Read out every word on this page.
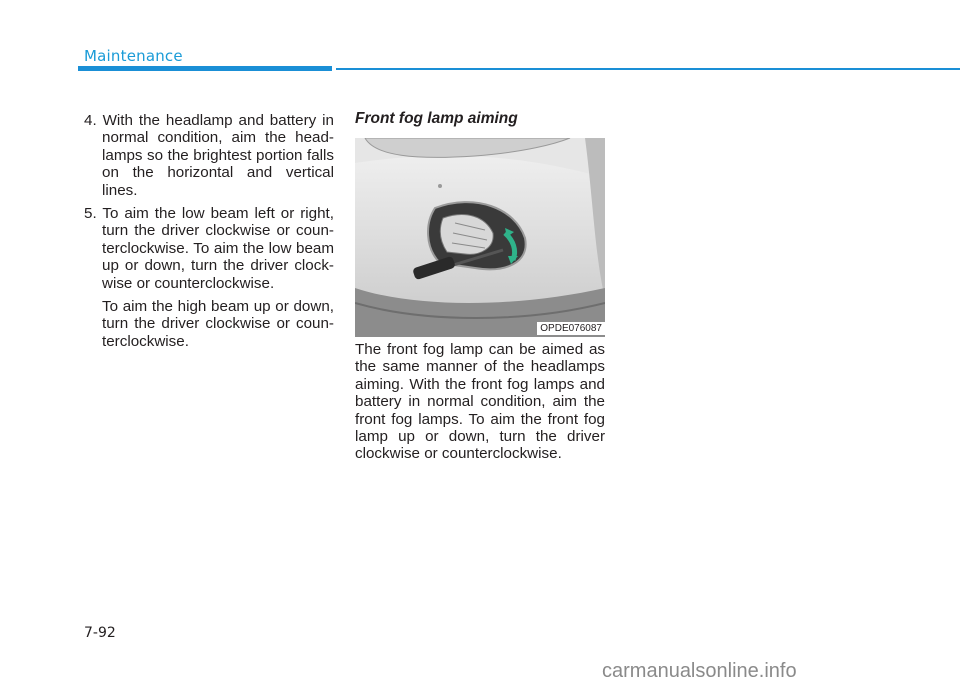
Maintenance

4. With the headlamp and battery in normal condition, aim the head- lamps so the brightest portion falls on the horizontal and vertical lines.

5. To aim the low beam left or right, turn the driver clockwise or coun- terclockwise. To aim the low beam up or down, turn the driver clock- wise or counterclockwise.

To aim the high beam up or down, turn the driver clockwise or coun- terclockwise.

Front fog lamp aiming
OPDE076087

The front fog lamp can be aimed as the same manner of the headlamps aiming. With the front fog lamps and battery in normal condition, aim the front fog lamps. To aim the front fog lamp up or down, turn the driver clockwise or counterclockwise.

7-92
carmanualsonline.info
